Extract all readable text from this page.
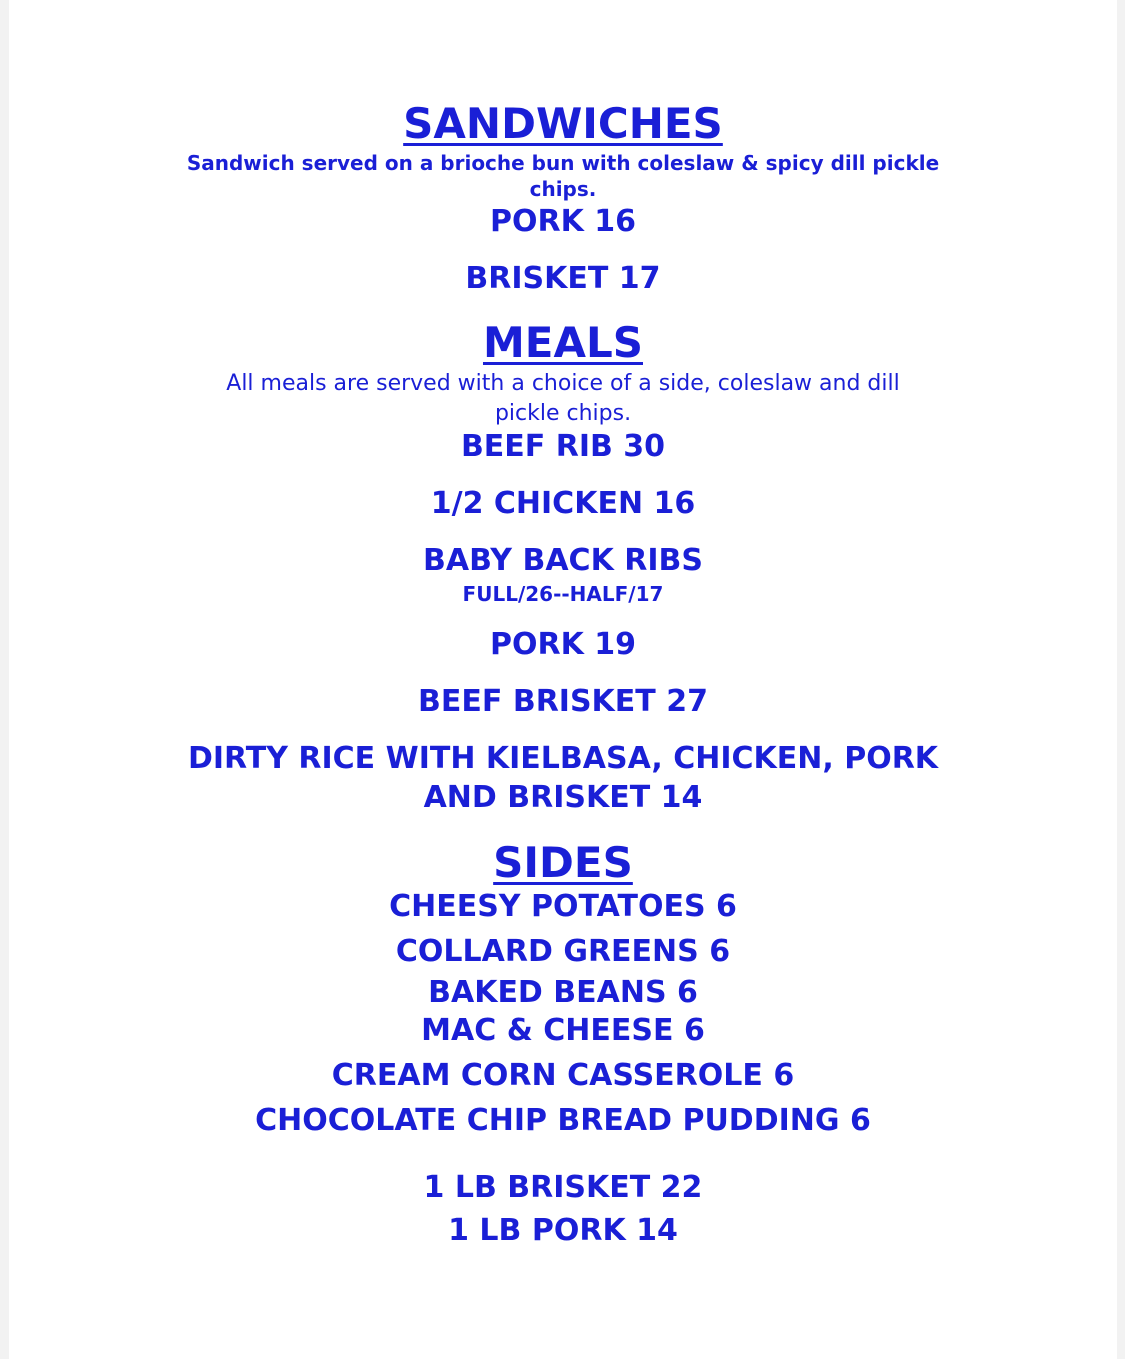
SANDWICHES
Sandwich served on a brioche bun with coleslaw & spicy dill pickle
chips.
PORK 16
BRISKET 17
MEALS
All meals are served with a choice of a side, coleslaw and dill
pickle chips.
BEEF RIB 30
1/2 CHICKEN 16
BABY BACK RIBS
FULL/26--HALF/17
PORK 19
BEEF BRISKET 27
DIRTY RICE WITH KIELBASA, CHICKEN, PORK
AND BRISKET 14
SIDES
CHEESY POTATOES 6
COLLARD GREENS 6
BAKED BEANS 6
MAC & CHEESE 6
CREAM CORN CASSEROLE 6
CHOCOLATE CHIP BREAD PUDDING 6
1 LB BRISKET 22
1 LB PORK 14
